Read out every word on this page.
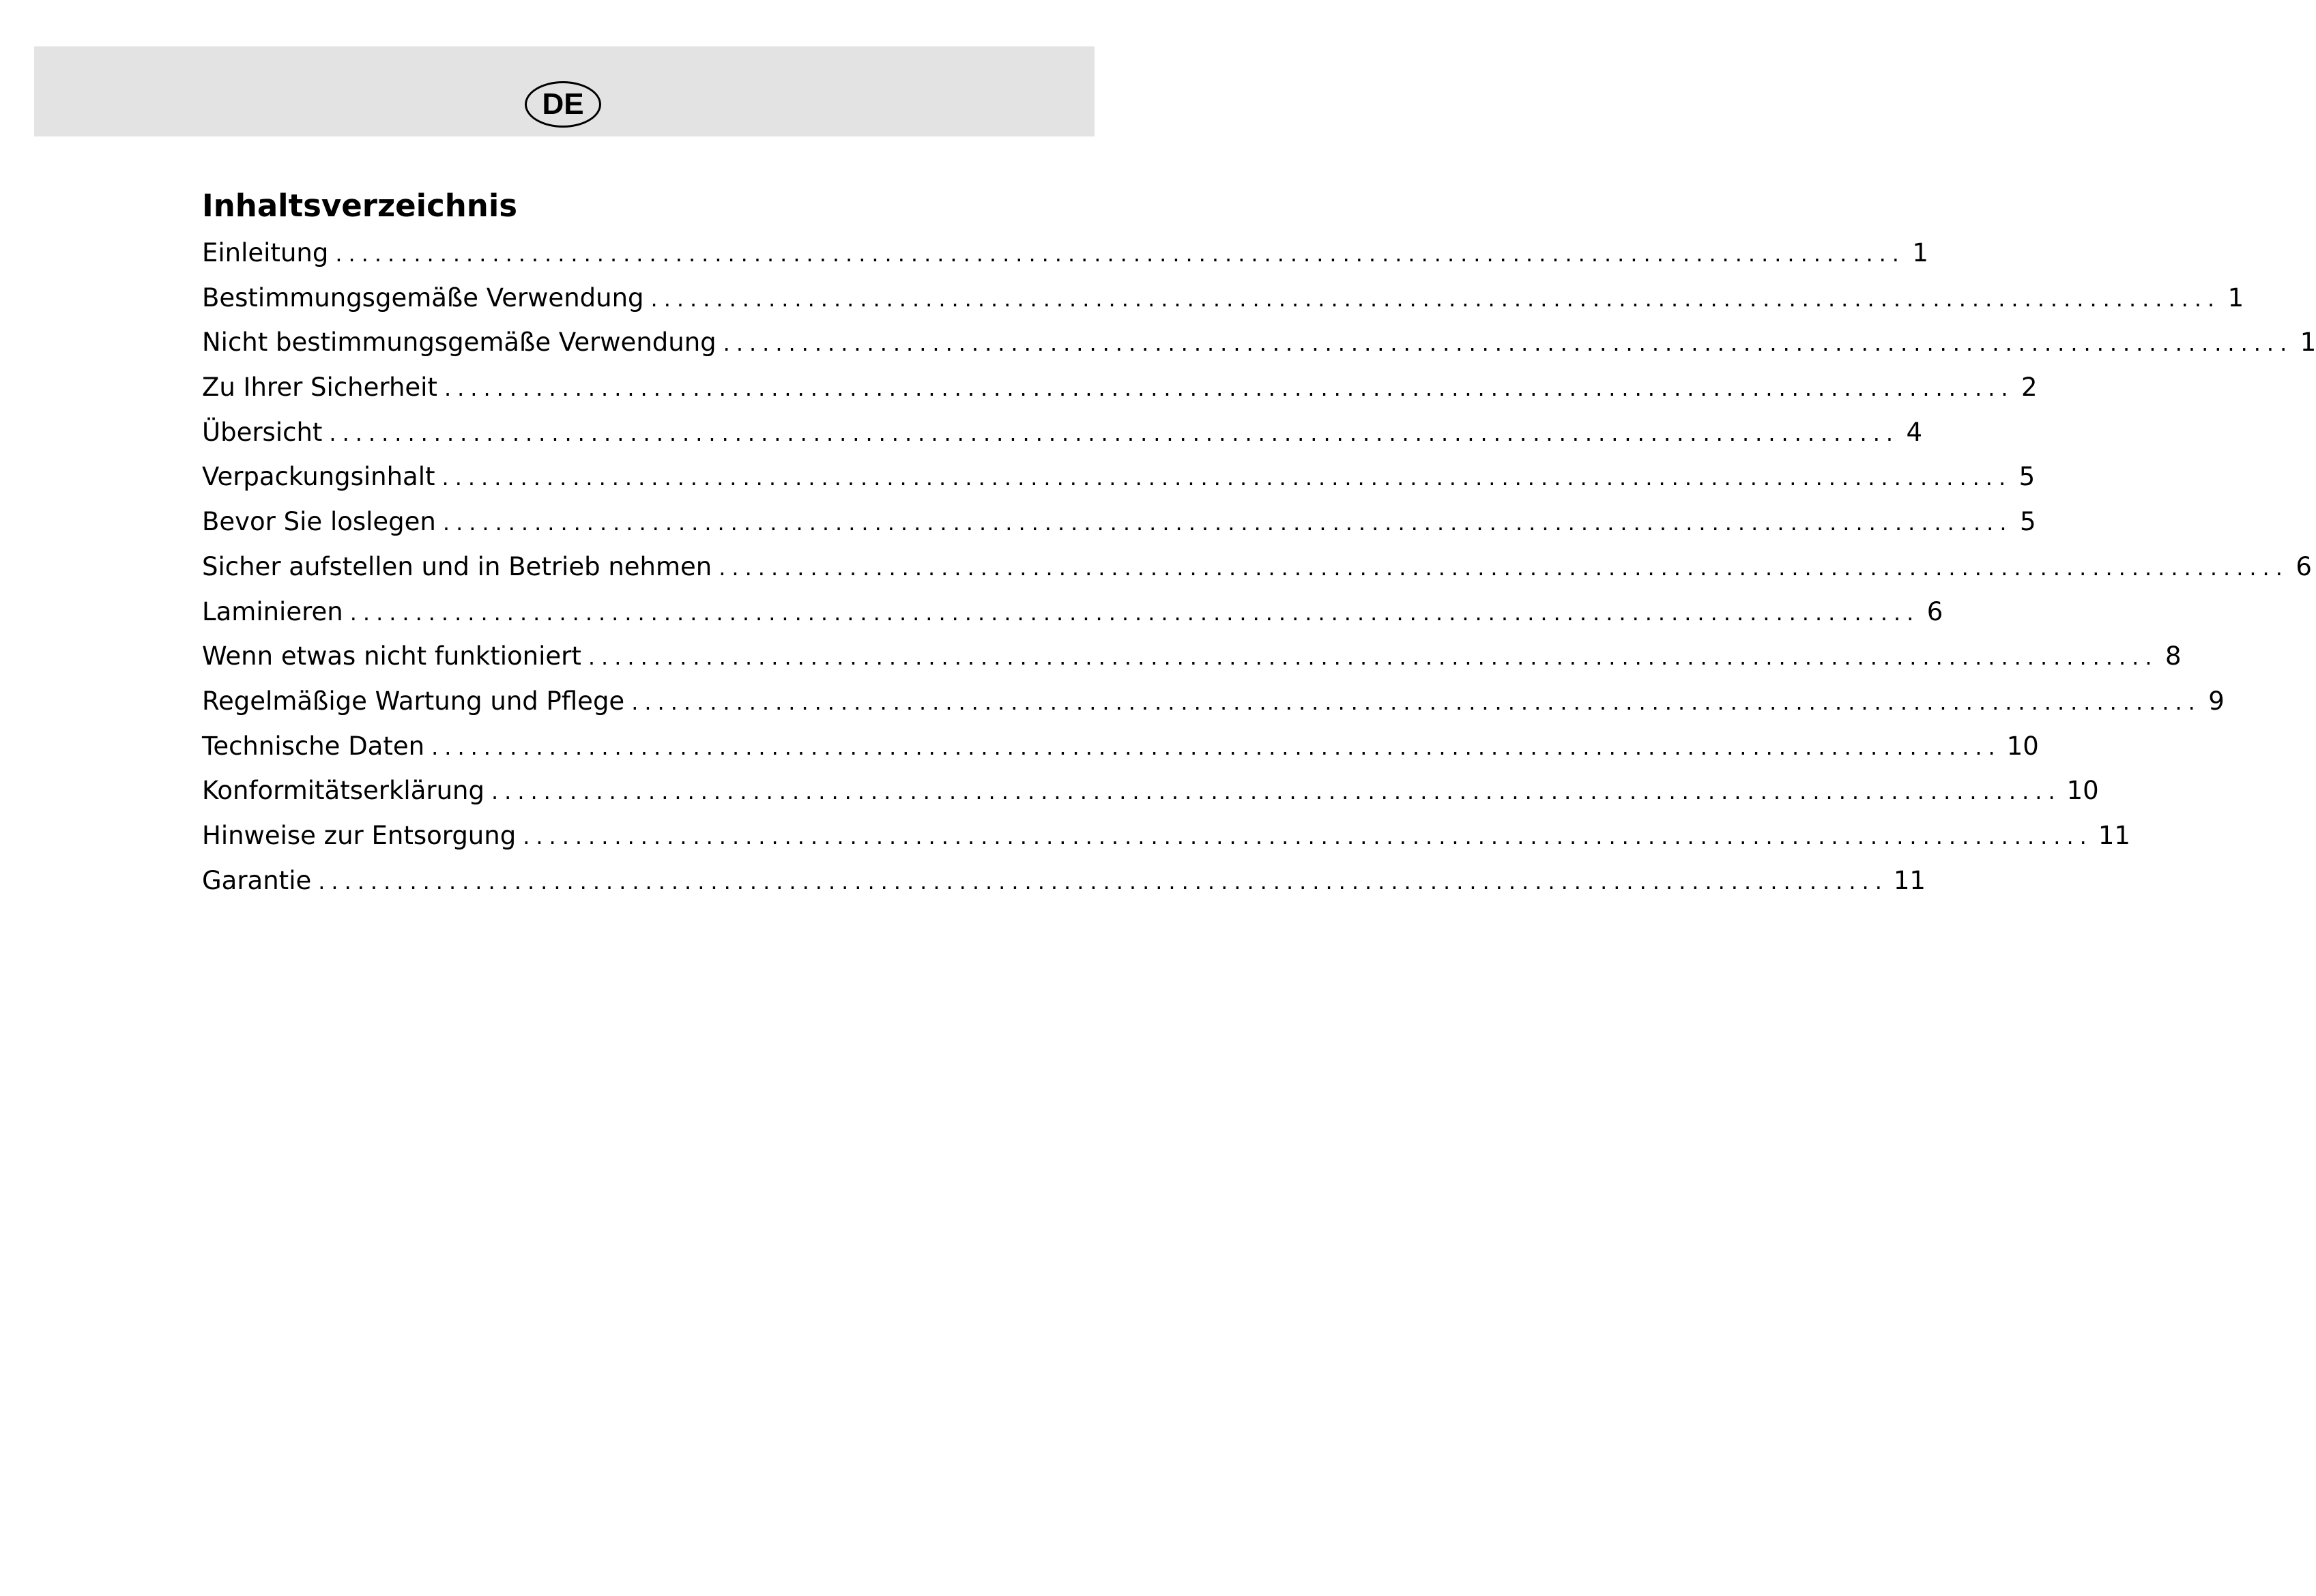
DE
Inhaltsverzeichnis
Einleitung ........................................................................................................................ 1
Bestimmungsgemäße Verwendung ........................................................................................................................ 1
Nicht bestimmungsgemäße Verwendung ........................................................................................................................ 1
Zu Ihrer Sicherheit ........................................................................................................................ 2
Übersicht ........................................................................................................................ 4
Verpackungsinhalt ........................................................................................................................ 5
Bevor Sie loslegen ........................................................................................................................ 5
Sicher aufstellen und in Betrieb nehmen ........................................................................................................................ 6
Laminieren ........................................................................................................................ 6
Wenn etwas nicht funktioniert ........................................................................................................................ 8
Regelmäßige Wartung und Pflege ........................................................................................................................ 9
Technische Daten ........................................................................................................................ 10
Konformitätserklärung ........................................................................................................................ 10
Hinweise zur Entsorgung ........................................................................................................................ 11
Garantie ........................................................................................................................ 11
